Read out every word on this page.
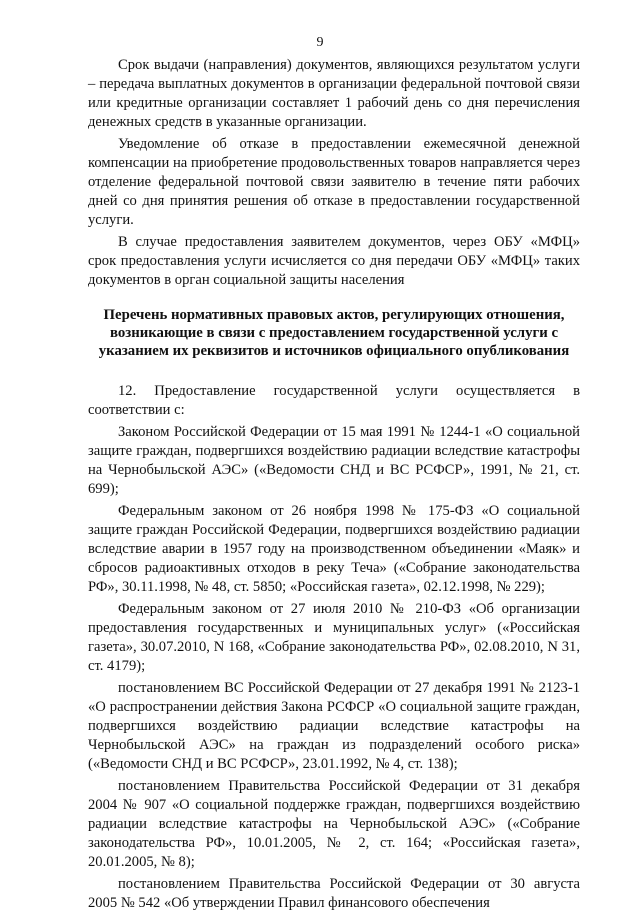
9

Срок выдачи (направления) документов, являющихся результатом услуги – передача выплатных документов в организации федеральной почтовой связи или кредитные организации составляет 1 рабочий день со дня перечисления денежных средств в указанные организации.

Уведомление об отказе в предоставлении ежемесячной денежной компенсации на приобретение продовольственных товаров направляется через отделение федеральной почтовой связи заявителю в течение пяти рабочих дней со дня принятия решения об отказе в предоставлении государственной услуги.

В случае предоставления заявителем документов, через ОБУ «МФЦ» срок предоставления услуги исчисляется со дня передачи ОБУ «МФЦ» таких документов в орган социальной защиты населения

Перечень нормативных правовых актов, регулирующих отношения,
возникающие в связи с предоставлением государственной услуги с
указанием их реквизитов и источников официального опубликования

12. Предоставление государственной услуги осуществляется в соответствии с:

Законом Российской Федерации от 15 мая 1991 № 1244-1 «О социальной защите граждан, подвергшихся воздействию радиации вследствие катастрофы на Чернобыльской АЭС» («Ведомости СНД и ВС РСФСР», 1991, № 21, ст. 699);

Федеральным законом от 26 ноября 1998 № 175-ФЗ «О социальной защите граждан Российской Федерации, подвергшихся воздействию радиации вследствие аварии в 1957 году на производственном объединении «Маяк» и сбросов радиоактивных отходов в реку Теча» («Собрание законодательства РФ», 30.11.1998, № 48, ст. 5850; «Российская газета», 02.12.1998, № 229);

Федеральным законом от 27 июля 2010 № 210-ФЗ «Об организации предоставления государственных и муниципальных услуг» («Российская газета», 30.07.2010, N 168, «Собрание законодательства РФ», 02.08.2010, N 31, ст. 4179);

постановлением ВС Российской Федерации от 27 декабря 1991 № 2123-1 «О распространении действия Закона РСФСР «О социальной защите граждан, подвергшихся воздействию радиации вследствие катастрофы на Чернобыльской АЭС» на граждан из подразделений особого риска» («Ведомости СНД и ВС РСФСР», 23.01.1992, № 4, ст. 138);

постановлением Правительства Российской Федерации от 31 декабря 2004 № 907 «О социальной поддержке граждан, подвергшихся воздействию радиации вследствие катастрофы на Чернобыльской АЭС» («Собрание законодательства РФ», 10.01.2005, № 2, ст. 164; «Российская газета», 20.01.2005, № 8);

постановлением Правительства Российской Федерации от 30 августа 2005 № 542 «Об утверждении Правил финансового обеспечения
